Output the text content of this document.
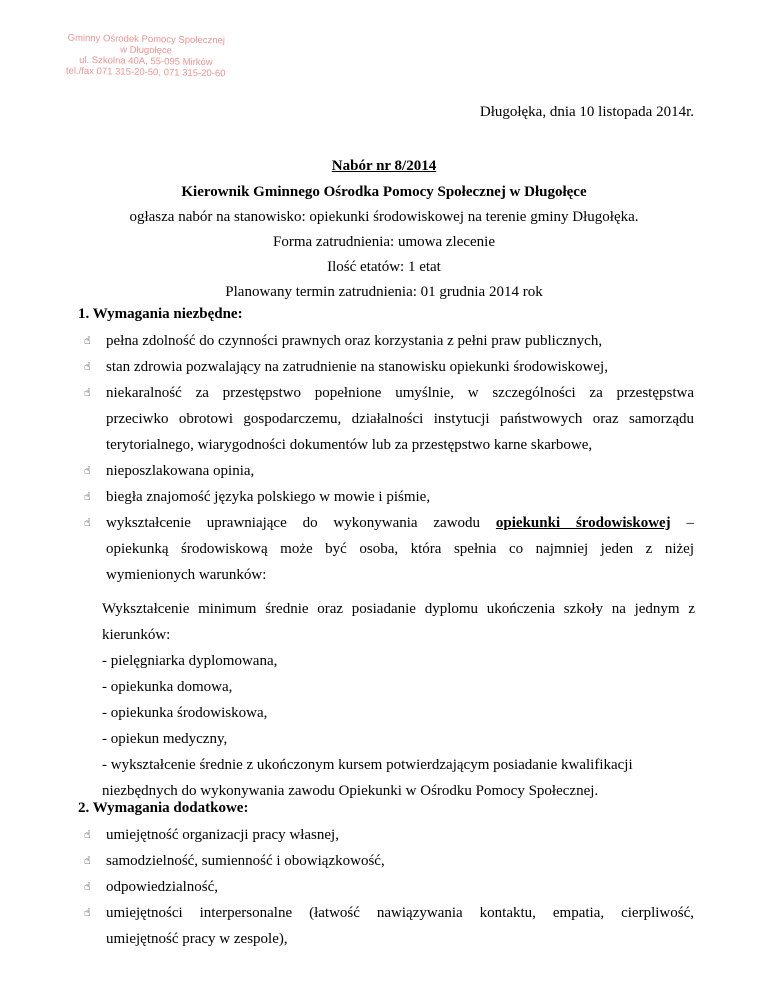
Gminny Ośrodek Pomocy Społecznej
w Długołęce
ul. Szkolna 40A, 55-095 Mirków
tel./fax 071 315-20-50, 071 315-20-60
Długołęka, dnia 10 listopada 2014r.
Nabór nr 8/2014
Kierownik Gminnego Ośrodka Pomocy Społecznej w Długołęce
ogłasza nabór na stanowisko: opiekunki środowiskowej na terenie gminy Długołęka.
Forma zatrudnienia: umowa zlecenie
Ilość etatów: 1 etat
Planowany termin zatrudnienia: 01 grudnia 2014 rok
1. Wymagania niezbędne:
☝	pełna zdolność do czynności prawnych oraz korzystania z pełni praw publicznych,
☝	stan zdrowia pozwalający na zatrudnienie na stanowisku opiekunki środowiskowej,
☝	niekaralność za przestępstwo popełnione umyślnie, w szczególności za przestępstwa
przeciwko obrotowi gospodarczemu, działalności instytucji państwowych oraz samorządu
terytorialnego, wiarygodności dokumentów lub za przestępstwo karne skarbowe,
☝	nieposzlakowana opinia,
☝	biegła znajomość języka polskiego w mowie i piśmie,
☝	wykształcenie uprawniające do wykonywania zawodu opiekunki środowiskowej –
opiekunką środowiskową może być osoba, która spełnia co najmniej jeden z niżej
wymienionych warunków:
Wykształcenie minimum średnie oraz posiadanie dyplomu ukończenia szkoły na jednym z
kierunków:
- pielęgniarka dyplomowana,
- opiekunka domowa,
- opiekunka środowiskowa,
- opiekun medyczny,
- wykształcenie średnie z ukończonym kursem potwierdzającym posiadanie kwalifikacji
niezbędnych do wykonywania zawodu Opiekunki w Ośrodku Pomocy Społecznej.
2. Wymagania dodatkowe:
☝	umiejętność organizacji pracy własnej,
☝	samodzielność, sumienność i obowiązkowość,
☝	odpowiedzialność,
☝	umiejętności interpersonalne (łatwość nawiązywania kontaktu, empatia, cierpliwość,
umiejętność pracy w zespole),
